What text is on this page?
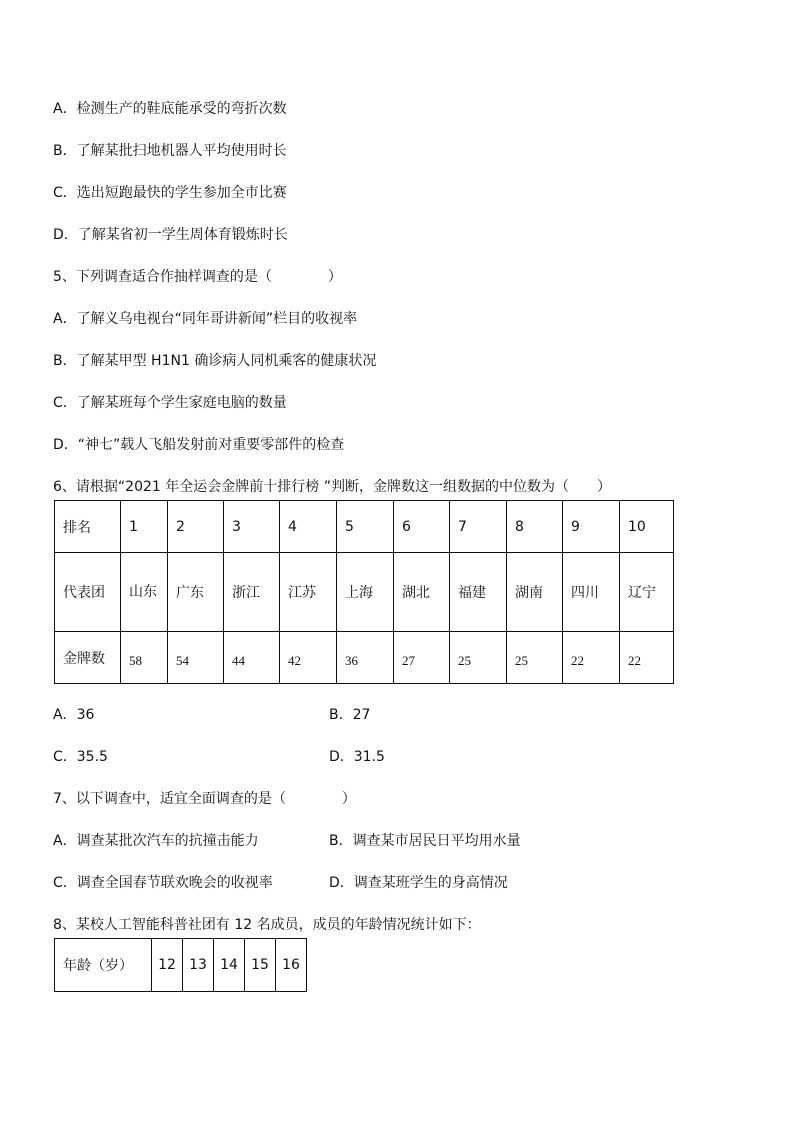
A．检测生产的鞋底能承受的弯折次数
B．了解某批扫地机器人平均使用时长
C．选出短跑最快的学生参加全市比赛
D．了解某省初一学生周体育锻炼时长
5、下列调查适合作抽样调查的是（　　　　）
A．了解义乌电视台“同年哥讲新闻”栏目的收视率
B．了解某甲型 H1N1 确诊病人同机乘客的健康状况
C．了解某班每个学生家庭电脑的数量
D．“神七”载人飞船发射前对重要零部件的检查
6、请根据“2021 年全运会金牌前十排行榜 ”判断，金牌数这一组数据的中位数为（　　）
排名	1	2	3	4	5	6	7	8	9	10
代表团	山东	广东	浙江	江苏	上海	湖北	福建	湖南	四川	辽宁
金牌数	58	54	44	42	36	27	25	25	22	22
A．36	B．27
C．35.5	D．31.5
7、以下调查中，适宜全面调查的是（　　　　）
A．调查某批次汽车的抗撞击能力	B．调查某市居民日平均用水量
C．调查全国春节联欢晚会的收视率	D．调查某班学生的身高情况
8、某校人工智能科普社团有 12 名成员，成员的年龄情况统计如下：
年龄（岁）	12	13	14	15	16
